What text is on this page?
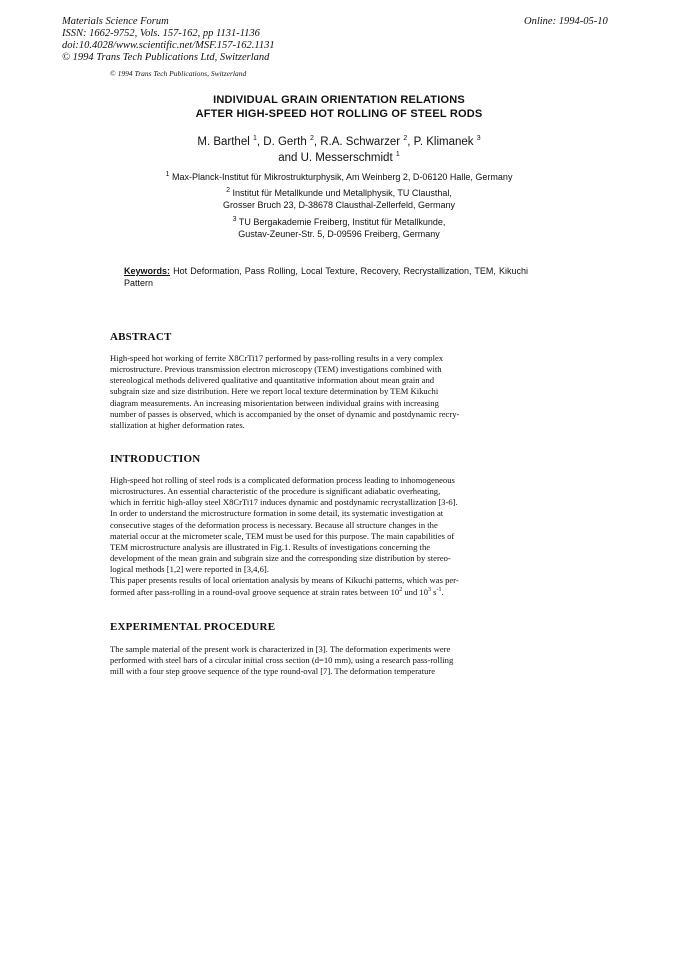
Materials Science Forum
ISSN: 1662-9752, Vols. 157-162, pp 1131-1136
doi:10.4028/www.scientific.net/MSF.157-162.1131
© 1994 Trans Tech Publications Ltd, Switzerland
Online: 1994-05-10
© 1994 Trans Tech Publications, Switzerland
INDIVIDUAL GRAIN ORIENTATION RELATIONS
AFTER HIGH-SPEED HOT ROLLING OF STEEL RODS
M. Barthel $^1$, D. Gerth $^2$, R.A. Schwarzer $^2$, P. Klimanek $^3$
and U. Messerschmidt $^1$
$^1$ Max-Planck-Institut für Mikrostrukturphysik, Am Weinberg 2, D-06120 Halle, Germany
$^2$ Institut für Metallkunde und Metallphysik, TU Clausthal,
Grosser Bruch 23, D-38678 Clausthal-Zellerfeld, Germany
$^3$ TU Bergakademie Freiberg, Institut für Metallkunde,
Gustav-Zeuner-Str. 5, D-09596 Freiberg, Germany
Keywords: Hot Deformation, Pass Rolling, Local Texture, Recovery, Recrystallization, TEM, Kikuchi Pattern
ABSTRACT
High-speed hot working of ferrite X8CrTi17 performed by pass-rolling results in a very complex
microstructure. Previous transmission electron microscopy (TEM) investigations combined with
stereological methods delivered qualitative and quantitative information about mean grain and
subgrain size and size distribution. Here we report local texture determination by TEM Kikuchi
diagram measurements. An increasing misorientation between individual grains with increasing
number of passes is observed, which is accompanied by the onset of dynamic and postdynamic recry-
stallization at higher deformation rates.
INTRODUCTION
High-speed hot rolling of steel rods is a complicated deformation process leading to inhomogeneous
microstructures. An essential characteristic of the procedure is significant adiabatic overheating,
which in ferritic high-alloy steel X8CrTi17 induces dynamic and postdynamic recrystallization [3-6].
In order to understand the microstructure formation in some detail, its systematic investigation at
consecutive stages of the deformation process is necessary. Because all structure changes in the
material occur at the micrometer scale, TEM must be used for this purpose. The main capabilities of
TEM microstructure analysis are illustrated in Fig.1. Results of investigations concerning the
development of the mean grain and subgrain size and the corresponding size distribution by stereo-
logical methods [1,2] were reported in [3,4,6].
This paper presents results of local orientation analysis by means of Kikuchi patterns, which was per-
formed after pass-rolling in a round-oval groove sequence at strain rates between $10^2$ und $10^3$ $s^{-1}$.
EXPERIMENTAL PROCEDURE
The sample material of the present work is characterized in [3]. The deformation experiments were
performed with steel bars of a circular initial cross section (d=10 mm), using a research pass-rolling
mill with a four step groove sequence of the type round-oval [7]. The deformation temperature
